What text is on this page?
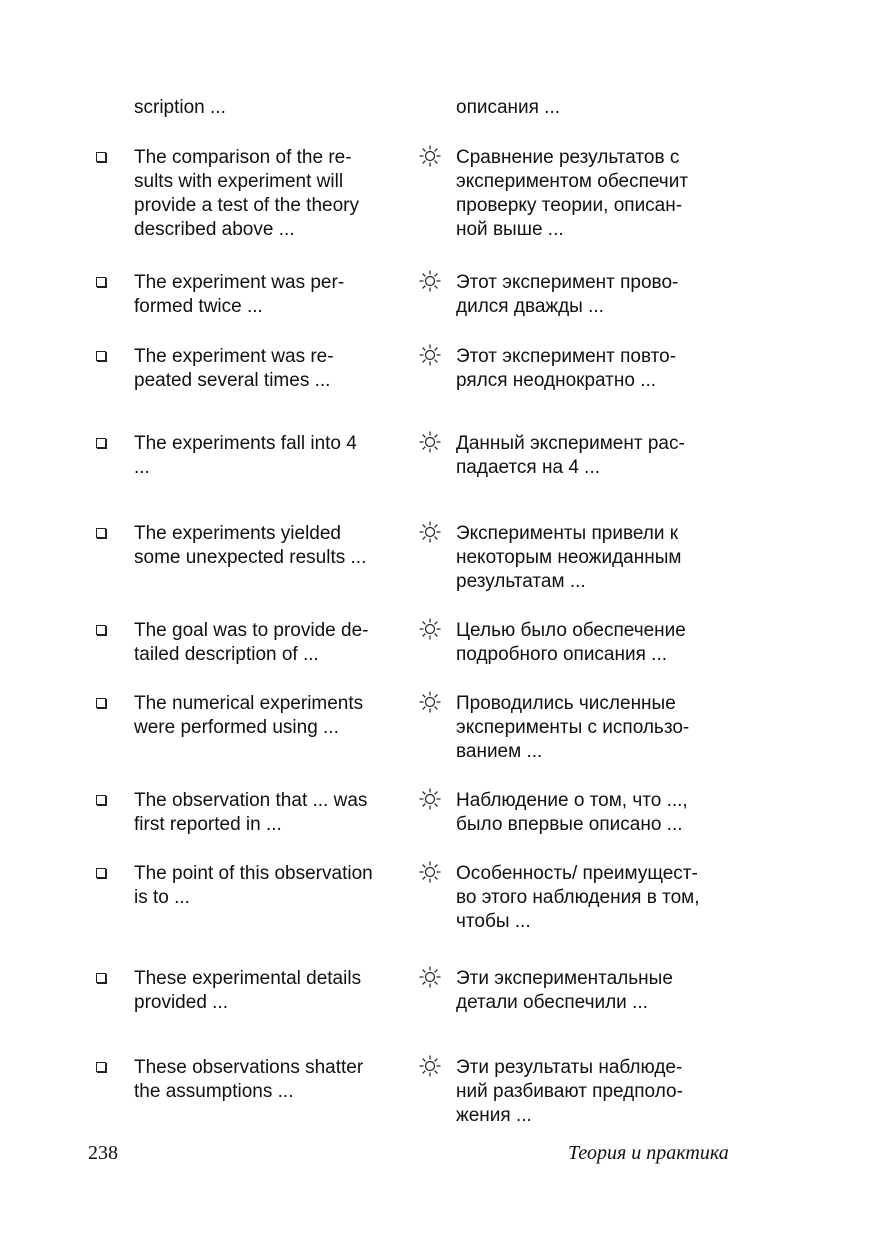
scription ...	описания ...
The comparison of the re-
sults with experiment will
provide a test of the theory
described above ...
Сравнение результатов с
экспериментом обеспечит
проверку теории, описан-
ной выше ...
The experiment was per-
formed twice ...
Этот эксперимент прово-
дился дважды ...
The experiment was re-
peated several times ...
Этот эксперимент повто-
рялся неоднократно ...
The experiments fall into 4
...
Данный эксперимент рас-
падается на 4 ...
The experiments yielded
some unexpected results ...
Эксперименты привели к
некоторым неожиданным
результатам ...
The goal was to provide de-
tailed description of ...
Целью было обеспечение
подробного описания ...
The numerical experiments
were performed using ...
Проводились численные
эксперименты с использо-
ванием ...
The observation that ... was
first reported in ...
Наблюдение о том, что ...,
было впервые описано ...
The point of this observation
is to ...
Особенность/ преимущест-
во этого наблюдения в том,
чтобы ...
These experimental details
provided ...
Эти экспериментальные
детали обеспечили ...
These observations shatter
the assumptions ...
Эти результаты наблюде-
ний разбивают предполо-
жения ...
238	Теория и практика
